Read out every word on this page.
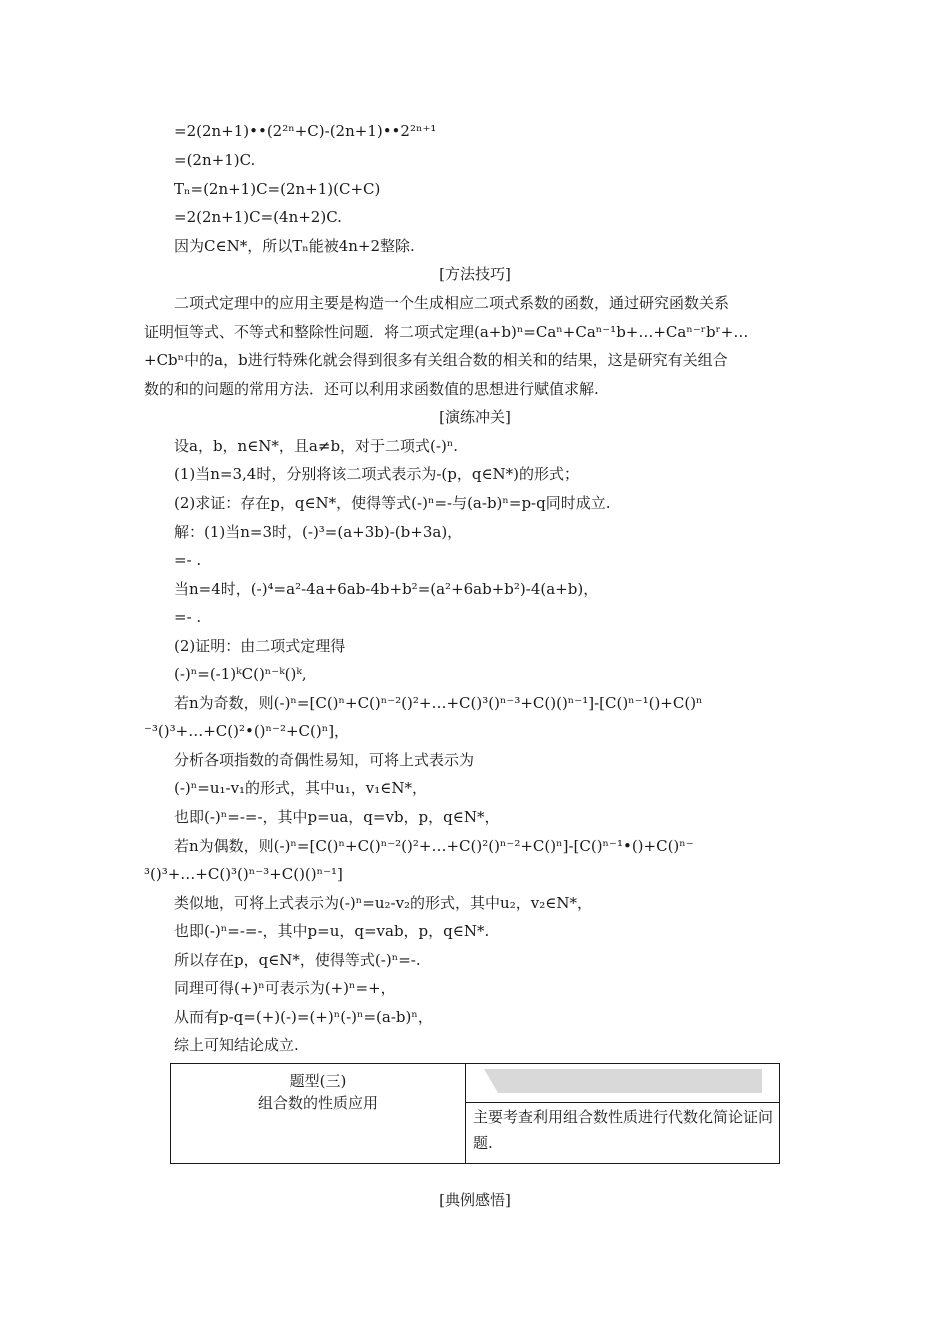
=2(2n+1)••(2²ⁿ+C)-(2n+1)••2²ⁿ⁺¹
=(2n+1)C.
Tₙ=(2n+1)C=(2n+1)(C+C)
=2(2n+1)C=(4n+2)C.
因为C∈N*，所以Tₙ能被4n+2整除.
[方法技巧]
二项式定理中的应用主要是构造一个生成相应二项式系数的函数，通过研究函数关系
证明恒等式、不等式和整除性问题．将二项式定理(a+b)ⁿ=Caⁿ+Caⁿ⁻¹b+…+Caⁿ⁻ʳbʳ+…
+Cbⁿ中的a，b进行特殊化就会得到很多有关组合数的相关和的结果，这是研究有关组合
数的和的问题的常用方法．还可以利用求函数值的思想进行赋值求解.
[演练冲关]
设a，b，n∈N*，且a≠b，对于二项式(-)ⁿ.
(1)当n=3,4时，分别将该二项式表示为-(p，q∈N*)的形式；
(2)求证：存在p，q∈N*，使得等式(-)ⁿ=-与(a-b)ⁿ=p-q同时成立.
解：(1)当n=3时，(-)³=(a+3b)-(b+3a)，
=- .
当n=4时，(-)⁴=a²-4a+6ab-4b+b²=(a²+6ab+b²)-4(a+b)，
=- .
(2)证明：由二项式定理得
(-)ⁿ=(-1)ᵏC()ⁿ⁻ᵏ()ᵏ,
若n为奇数，则(-)ⁿ=[C()ⁿ+C()ⁿ⁻²()²+…+C()³()ⁿ⁻³+C()()ⁿ⁻¹]-[C()ⁿ⁻¹()+C()ⁿ
⁻³()³+…+C()²•()ⁿ⁻²+C()ⁿ]，
分析各项指数的奇偶性易知，可将上式表示为
(-)ⁿ=u₁-v₁的形式，其中u₁，v₁∈N*，
也即(-)ⁿ=-=-，其中p=ua，q=vb，p，q∈N*，
若n为偶数，则(-)ⁿ=[C()ⁿ+C()ⁿ⁻²()²+…+C()²()ⁿ⁻²+C()ⁿ]-[C()ⁿ⁻¹•()+C()ⁿ⁻
³()³+…+C()³()ⁿ⁻³+C()()ⁿ⁻¹]
类似地，可将上式表示为(-)ⁿ=u₂-v₂的形式，其中u₂，v₂∈N*，
也即(-)ⁿ=-=-，其中p=u，q=vab，p，q∈N*.
所以存在p，q∈N*，使得等式(-)ⁿ=-.
同理可得(+)ⁿ可表示为(+)ⁿ=+，
从而有p-q=(+)(-)=(+)ⁿ(-)ⁿ=(a-b)ⁿ，
综上可知结论成立.
题型(三)
组合数的性质应用
主要考查利用组合数性质进行代数化简论证问题.
[典例感悟]
